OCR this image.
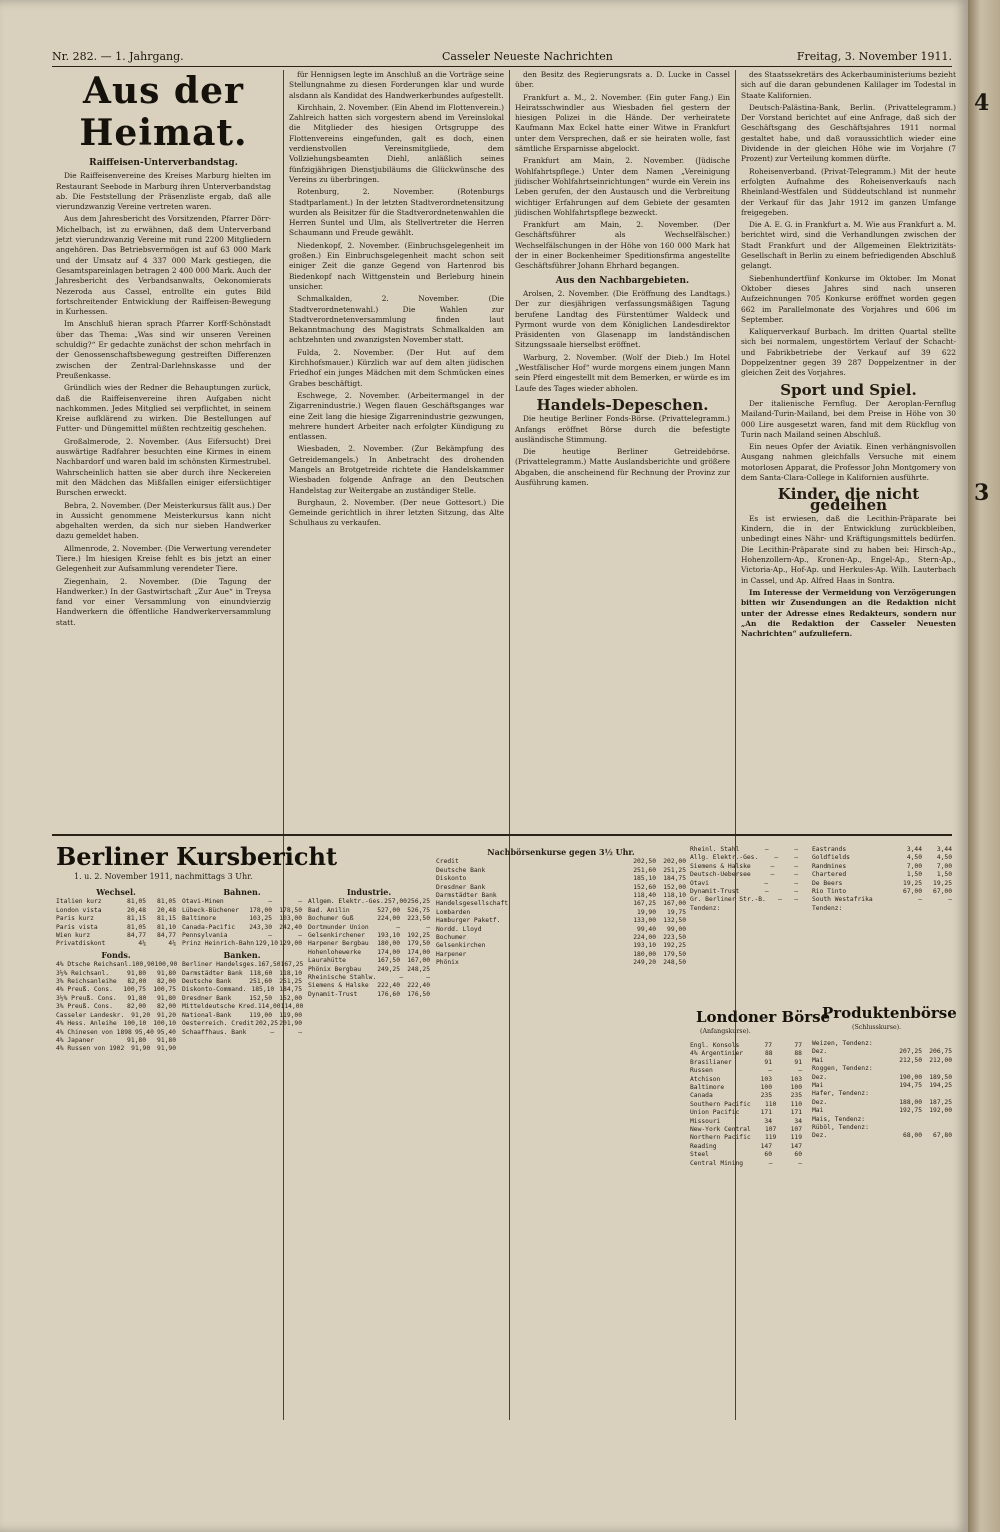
Nr. 282. — 1. Jahrgang.	Casseler Neueste Nachrichten	Freitag, 3. November 1911.
Aus der Heimat.
Raiffeisen-Unterverbandstag.

Die Raiffeisenvereine des Kreises Marburg hielten im Restaurant Seebode in Marburg ihren Unterverbandstag ab. Die Feststellung der Präsenzliste ergab, daß alle vierundzwanzig Vereine vertreten waren.

Aus dem Jahresbericht des Vorsitzenden, Pfarrer Dörr-Michelbach, ist zu erwähnen, daß dem Unterverband jetzt vierundzwanzig Vereine mit rund 2200 Mitgliedern angehören. Das Betriebsvermögen ist auf 63 000 Mark und der Umsatz auf 4 337 000 Mark gestiegen, die Gesamtspareinlagen betragen 2 400 000 Mark. Auch der Jahresbericht des Verbandsanwalts, Oekonomierats Nezeroda aus Cassel, entrollte ein gutes Bild fortschreitender Entwicklung der Raiffeisen-Bewegung in Kurhessen.

Im Anschluß hieran sprach Pfarrer Korff-Schönstadt über das Thema: „Was sind wir unseren Vereinen schuldig?“ Er gedachte zunächst der schon mehrfach in der Genossenschaftsbewegung gestreiften Differenzen zwischen der Zentral-Darlehnskasse und der Preußenkasse.

Gründlich wies der Redner die Behauptungen zurück, daß die Raiffeisenvereine ihren Aufgaben nicht nachkommen. Jedes Mitglied sei verpflichtet, in seinem Kreise aufklärend zu wirken. Die Bestellungen auf Futter- und Düngemittel müßten rechtzeitig geschehen.

Großalmerode, 2. November. (Aus Eifersucht) Drei auswärtige Radfahrer besuchten eine Kirmes in einem Nachbardorf und waren bald im schönsten Kirmestrubel. Wahrscheinlich hatten sie aber durch ihre Neckereien mit den Mädchen das Mißfallen einiger eifersüchtiger Burschen erweckt.

Bebra, 2. November. (Der Meisterkursus fällt aus.) Der in Aussicht genommene Meisterkursus kann nicht abgehalten werden, da sich nur sieben Handwerker dazu gemeldet haben.

Allmenrode, 2. November. (Die Verwertung verendeter Tiere.) Im hiesigen Kreise fehlt es bis jetzt an einer Gelegenheit zur Aufsammlung verendeter Tiere.

Ziegenhain, 2. November. (Die Tagung der Handwerker.) In der Gastwirtschaft „Zur Aue“ in Treysa fand vor einer Versammlung von einundvierzig Handwerkern die öffentliche Handwerkerversammlung statt.

für Hennigsen legte im Anschluß an die Vorträge seine Stellungnahme zu diesen Forderungen klar und wurde alsdann als Kandidat des Handwerkerbundes aufgestellt.

Kirchhain, 2. November. (Ein Abend im Flottenverein.) Zahlreich hatten sich vorgestern abend im Vereinslokal die Mitglieder des hiesigen Ortsgruppe des Flottenvereins eingefunden, galt es doch, einen verdienstvollen Vereinsmitgliede, dem Vollziehungsbeamten Diehl, anläßlich seines fünfzigjährigen Dienstjubiläums die Glückwünsche des Vereins zu überbringen.

Rotenburg, 2. November. (Rotenburgs Stadtparlament.) In der letzten Stadtverordnetensitzung wurden als Beisitzer für die Stadtverordnetenwahlen die Herren Suntel und Ulm, als Stellvertreter die Herren Schaumann und Freude gewählt.

Niedenkopf, 2. November. (Einbruchsgelegenheit im großen.) Ein Einbruchsgelegenheit macht schon seit einiger Zeit die ganze Gegend von Hartenrod bis Biedenkopf nach Wittgenstein und Berleburg hinein unsicher.

Schmalkalden, 2. November. (Die Stadtverordnetenwahl.) Die Wahlen zur Stadtverordnetenversammlung finden laut Bekanntmachung des Magistrats Schmalkalden am achtzehnten und zwanzigsten November statt.

Fulda, 2. November. (Der Hut auf dem Kirchhofsmauer.) Kürzlich war auf dem alten jüdischen Friedhof ein junges Mädchen mit dem Schmücken eines Grabes beschäftigt.

Eschwege, 2. November. (Arbeitermangel in der Zigarrenindustrie.) Wegen flauen Geschäftsganges war eine Zeit lang die hiesige Zigarrenindustrie gezwungen, mehrere hundert Arbeiter nach erfolgter Kündigung zu entlassen.

Wiesbaden, 2. November. (Zur Bekämpfung des Getreidemangels.) In Anbetracht des drohenden Mangels an Brotgetreide richtete die Handelskammer Wiesbaden folgende Anfrage an den Deutschen Handelstag zur Weitergabe an zuständiger Stelle.

Burghaun, 2. November. (Der neue Gottesort.) Die Gemeinde gerichtlich in ihrer letzten Sitzung, das Alte Schulhaus zu verkaufen.

den Besitz des Regierungsrats a. D. Lucke in Cassel über.

Frankfurt a. M., 2. November. (Ein guter Fang.) Ein Heiratsschwindler aus Wiesbaden fiel gestern der hiesigen Polizei in die Hände. Der verheiratete Kaufmann Max Eckel hatte einer Witwe in Frankfurt unter dem Versprechen, daß er sie heiraten wolle, fast sämtliche Ersparnisse abgelockt.

Frankfurt am Main, 2. November. (Jüdische Wohlfahrtspflege.) Unter dem Namen „Vereinigung jüdischer Wohlfahrtseinrichtungen“ wurde ein Verein ins Leben gerufen, der den Austausch und die Verbreitung wichtiger Erfahrungen auf dem Gebiete der gesamten jüdischen Wohlfahrtspflege bezweckt.

Frankfurt am Main, 2. November. (Der Geschäftsführer als Wechselfälscher.) Wechselfälschungen in der Höhe von 160 000 Mark hat der in einer Bockenheimer Speditionsfirma angestellte Geschäftsführer Johann Ehrhard begangen.

Aus den Nachbargebieten.

Arolsen, 2. November. (Die Eröffnung des Landtags.) Der zur diesjährigen verfassungsmäßigen Tagung berufene Landtag des Fürstentümer Waldeck und Pyrmont wurde von dem Königlichen Landesdirektor Präsidenten von Glasenapp im landständischen Sitzungssaale hierselbst eröffnet.

Warburg, 2. November. (Wolf der Dieb.) Im Hotel „Westfälischer Hof“ wurde morgens einem jungen Mann sein Pferd eingestellt mit dem Bemerken, er würde es im Laufe des Tages wieder abholen.

Handels-Depeschen.

Die heutige Berliner Fonds-Börse. (Privattelegramm.) Anfangs eröffnet Börse durch die befestigte ausländische Stimmung.

Die heutige Berliner Getreidebörse. (Privattelegramm.) Matte Auslandsberichte und größere Abgaben, die anscheinend für Rechnung der Provinz zur Ausführung kamen.

des Staatssekretärs des Ackerbauministeriums bezieht sich auf die daran gebundenen Kalilager im Todestal in Staate Kalifornien.

Deutsch-Palästina-Bank, Berlin. (Privattelegramm.) Der Vorstand berichtet auf eine Anfrage, daß sich der Geschäftsgang des Geschäftsjahres 1911 normal gestaltet habe, und daß voraussichtlich wieder eine Dividende in der gleichen Höhe wie im Vorjahre (7 Prozent) zur Verteilung kommen dürfte.

Roheisenverband. (Privat-Telegramm.) Mit der heute erfolgten Aufnahme des Roheisenverkaufs nach Rheinland-Westfalen und Süddeutschland ist nunmehr der Verkauf für das Jahr 1912 im ganzen Umfange freigegeben.

Die A. E. G. in Frankfurt a. M. Wie aus Frankfurt a. M. berichtet wird, sind die Verhandlungen zwischen der Stadt Frankfurt und der Allgemeinen Elektrizitäts-Gesellschaft in Berlin zu einem befriedigenden Abschluß gelangt.

Siebenhundertfünf Konkurse im Oktober. Im Monat Oktober dieses Jahres sind nach unseren Aufzeichnungen 705 Konkurse eröffnet worden gegen 662 im Parallelmonate des Vorjahres und 606 im September.

Kaliquerverkauf Burbach. Im dritten Quartal stellte sich bei normalem, ungestörtem Verlauf der Schacht- und Fabrikbetriebe der Verkauf auf 39 622 Doppelzentner gegen 39 287 Doppelzentner in der gleichen Zeit des Vorjahres.

Sport und Spiel.

Der italienische Fernflug. Der Aeroplan-Fernflug Mailand-Turin-Mailand, bei dem Preise in Höhe von 30 000 Lire ausgesetzt waren, fand mit dem Rückflug von Turin nach Mailand seinen Abschluß.

Ein neues Opfer der Aviatik. Einen verhängnisvollen Ausgang nahmen gleichfalls Versuche mit einem motorlosen Apparat, die Professor John Montgomery von dem Santa-Clara-College in Kalifornien ausführte.

Kinder, die nicht gedeihen

Es ist erwiesen, daß die Lecithin-Präparate bei Kindern, die in der Entwicklung zurückbleiben, unbedingt eines Nähr- und Kräftigungsmittels bedürfen. Die Lecithin-Präparate sind zu haben bei: Hirsch-Ap., Hohenzollern-Ap., Kronen-Ap., Engel-Ap., Stern-Ap., Victoria-Ap., Hof-Ap. und Herkules-Ap. Wilh. Lauterbach in Cassel, und Ap. Alfred Haas in Sontra.

Im Interesse der Vermeidung von Verzögerungen bitten wir Zusendungen an die Redaktion nicht unter der Adresse eines Redakteurs, sondern nur „An die Redaktion der Casseler Neuesten Nachrichten“ aufzuliefern.

Berliner Kursbericht
1. u. 2. November 1911, nachmittags 3 Uhr.
Wechsel.
Italien kurz	81,05	81,05
London vista	20,48	20,48
Paris kurz	81,15	81,15
Paris vista	81,05	81,10
Wien kurz	84,77	84,77
Privatdiskont	4¼	4¼
Fonds.
4% Dtsche Reichsanl. 100,90 100,90
3½% Reichsanl.	91,80	91,80
3% Reichsanleihe	82,00	82,00
4% Preuß. Cons.	100,75	100,75
3½% Preuß. Cons.	91,80	91,80
3% Preuß. Cons.	82,00	82,00
Casseler Landeskr.	91,20	91,20
4% Hess. Anleihe	100,10	100,10
4% Chinesen von 1898 95,40 95,40
4% Japaner	91,80	91,80
4% Russen von 1902	91,90	91,90
Bahnen.
Otavi-Minen	—	—
Lübeck-Büchener	178,00	178,50
Baltimore	103,25	103,00
Canada-Pacific	243,30	242,40
Pennsylvania	—	—
Prinz Heinrich-Bahn 129,10 129,00
Banken.
Berliner Handelsges. 167,50 167,25
Darmstädter Bank	118,60	118,10
Deutsche Bank	251,60	251,25
Diskonto-Command. 185,10 184,75
Dresdner Bank	152,50	152,00
Mitteldeutsche Kred. 114,00 114,00
National-Bank	119,00	119,00
Oesterreich. Credit 202,25 201,90
Schaaffhaus. Bank	—	—
Industrie.
Allgem. Elektr.-Ges. 257,00 256,25
Bad. Anilin	527,00	526,75
Bochumer Guß	224,00	223,50
Dortmunder Union	—	—
Gelsenkirchener	193,10	192,25
Harpener Bergbau	180,00	179,50
Hohenlohewerke	174,00	174,00
Laurahütte	167,50	167,00
Phönix Bergbau	249,25	248,25
Rheinische Stahlw.	—	—
Siemens & Halske	222,40	222,40
Dynamit-Trust	176,60	176,50
Nachbörsenkurse gegen 3½ Uhr.
Credit	202,50	202,00
Deutsche Bank	251,60	251,25
Diskonto	185,10	184,75
Dresdner Bank	152,60	152,00
Darmstädter Bank	118,40	118,10
Handelsgesellschaft	167,25	167,00
Lombarden	19,90	19,75
Hamburger Paketf.	133,00	132,50
Nordd. Lloyd	99,40	99,00
Bochumer	224,00	223,50
Gelsenkirchen	193,10	192,25
Harpener	180,00	179,50
Phönix	249,20	248,50
Rheinl. Stahl	—	—
Allg. Elektr.-Ges.	—	—
Siemens & Halske	—	—
Deutsch-Uebersee	—	—
Otavi	—	—
Dynamit-Trust	—	—
Gr. Berliner Str.-B.	—	—
Tendenz:
Londoner Börse
(Anfangskurse).
Engl. Konsols	77	77
4% Argentinier	88	88
Brasilianer	91	91
Russen	—	—
Atchison	103	103
Baltimore	100	100
Canada	235	235
Southern Pacific	110	110
Union Pacific	171	171
Missouri	34	34
New-York Central	107	107
Northern Pacific	119	119
Reading	147	147
Steel	60	60
Central Mining	—	—
Eastrands	3,44	3,44
Goldfields	4,50	4,50
Randmines	7,00	7,00
Chartered	1,50	1,50
De Beers	19,25	19,25
Rio Tinto	67,00	67,00
South Westafrika	—	—
Tendenz:
Produktenbörse
(Schlusskurse).
Weizen, Tendenz:
Dez.	207,25	206,75
Mai	212,50	212,00
Roggen, Tendenz:
Dez.	190,00	189,50
Mai	194,75	194,25
Hafer, Tendenz:
Dez.	188,00	187,25
Mai	192,75	192,00
Mais, Tendenz:
Rüböl, Tendenz:
Dez.	68,00	67,80
4
3
